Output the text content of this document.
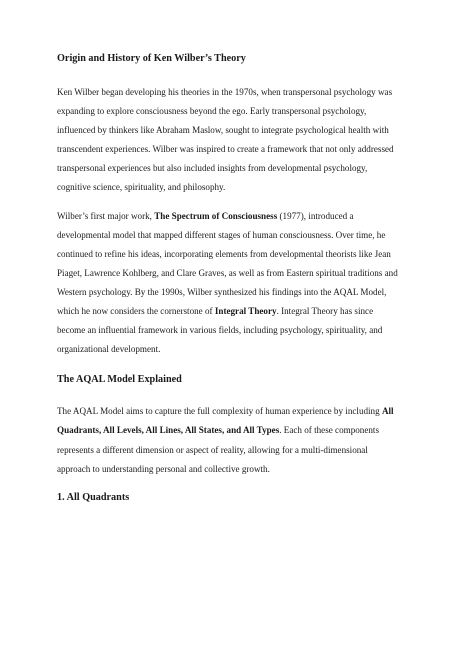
Origin and History of Ken Wilber’s Theory

Ken Wilber began developing his theories in the 1970s, when transpersonal psychology was
expanding to explore consciousness beyond the ego. Early transpersonal psychology,
influenced by thinkers like Abraham Maslow, sought to integrate psychological health with
transcendent experiences. Wilber was inspired to create a framework that not only addressed
transpersonal experiences but also included insights from developmental psychology,
cognitive science, spirituality, and philosophy.

Wilber’s first major work, The Spectrum of Consciousness (1977), introduced a
developmental model that mapped different stages of human consciousness. Over time, he
continued to refine his ideas, incorporating elements from developmental theorists like Jean
Piaget, Lawrence Kohlberg, and Clare Graves, as well as from Eastern spiritual traditions and
Western psychology. By the 1990s, Wilber synthesized his findings into the AQAL Model,
which he now considers the cornerstone of Integral Theory. Integral Theory has since
become an influential framework in various fields, including psychology, spirituality, and
organizational development.

The AQAL Model Explained

The AQAL Model aims to capture the full complexity of human experience by including All
Quadrants, All Levels, All Lines, All States, and All Types. Each of these components
represents a different dimension or aspect of reality, allowing for a multi-dimensional
approach to understanding personal and collective growth.

1. All Quadrants
